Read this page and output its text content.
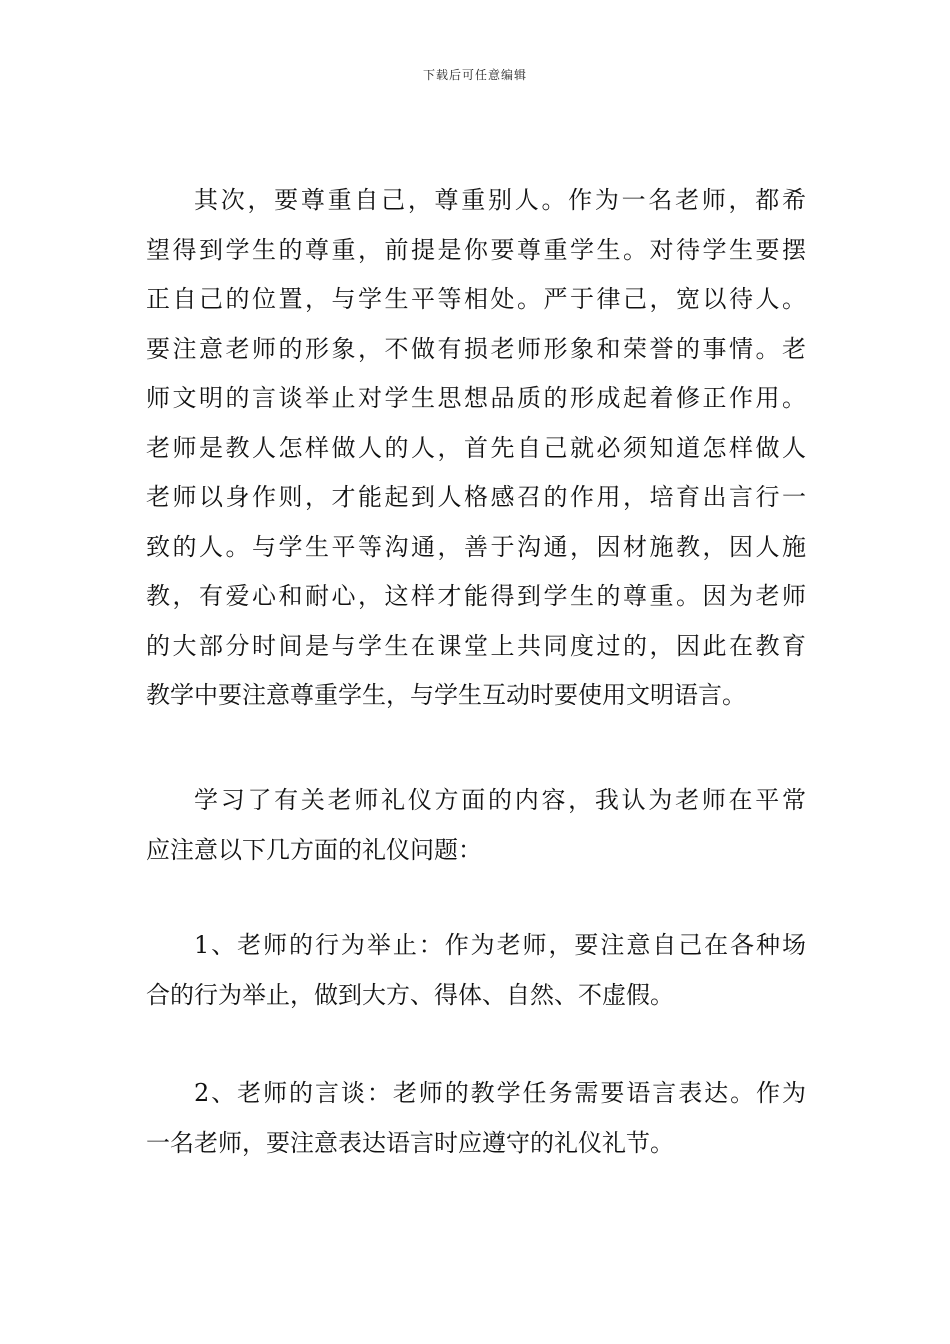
下载后可任意编辑
其次，要尊重自己，尊重别人。作为一名老师，都希
望得到学生的尊重，前提是你要尊重学生。对待学生要摆
正自己的位置，与学生平等相处。严于律己，宽以待人。
要注意老师的形象，不做有损老师形象和荣誉的事情。老
师文明的言谈举止对学生思想品质的形成起着修正作用。
老师是教人怎样做人的人，首先自己就必须知道怎样做人
老师以身作则，才能起到人格感召的作用，培育出言行一
致的人。与学生平等沟通，善于沟通，因材施教，因人施
教，有爱心和耐心，这样才能得到学生的尊重。因为老师
的大部分时间是与学生在课堂上共同度过的，因此在教育
教学中要注意尊重学生，与学生互动时要使用文明语言。
学习了有关老师礼仪方面的内容，我认为老师在平常
应注意以下几方面的礼仪问题：
1、老师的行为举止：作为老师，要注意自己在各种场
合的行为举止，做到大方、得体、自然、不虚假。
2、老师的言谈：老师的教学任务需要语言表达。作为
一名老师，要注意表达语言时应遵守的礼仪礼节。
